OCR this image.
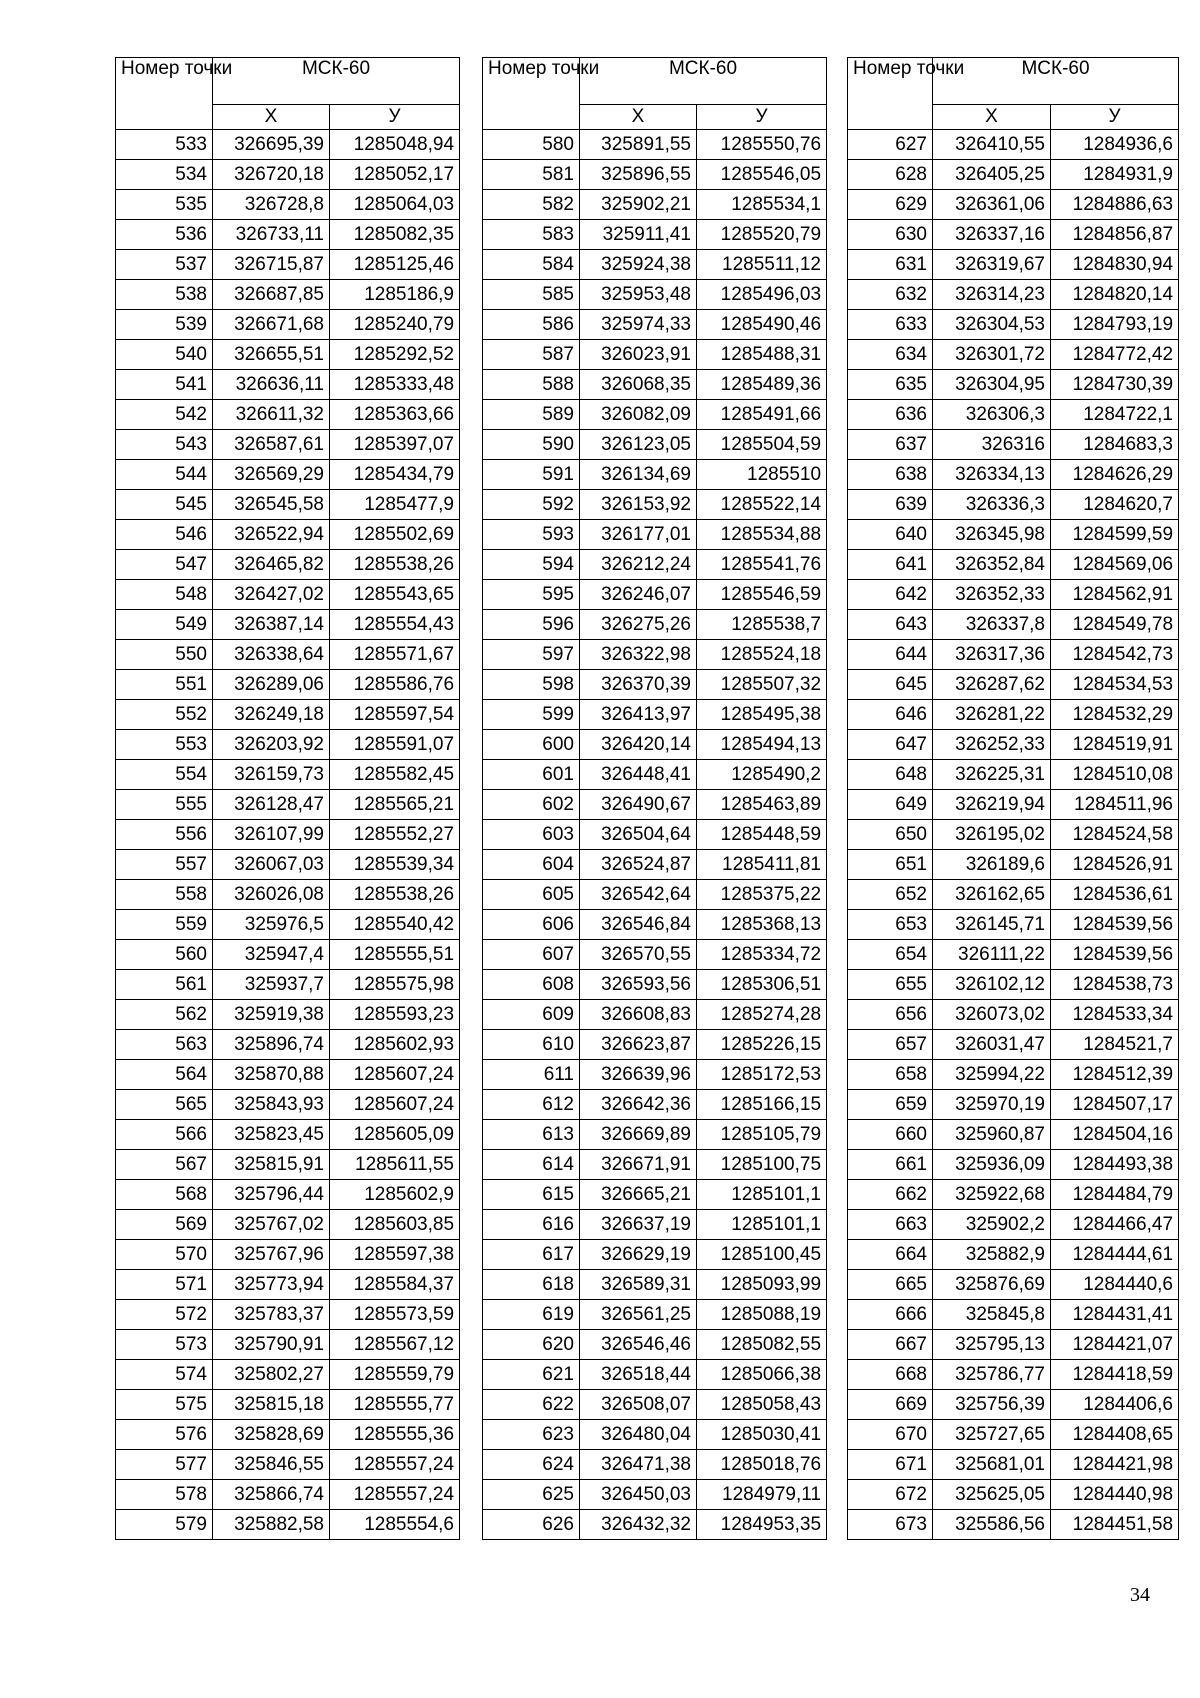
Номер точки	МСК-60	
	X	У
533	326695,39	1285048,94
534	326720,18	1285052,17
535	326728,8	1285064,03
536	326733,11	1285082,35
537	326715,87	1285125,46
538	326687,85	1285186,9
539	326671,68	1285240,79
540	326655,51	1285292,52
541	326636,11	1285333,48
542	326611,32	1285363,66
543	326587,61	1285397,07
544	326569,29	1285434,79
545	326545,58	1285477,9
546	326522,94	1285502,69
547	326465,82	1285538,26
548	326427,02	1285543,65
549	326387,14	1285554,43
550	326338,64	1285571,67
551	326289,06	1285586,76
552	326249,18	1285597,54
553	326203,92	1285591,07
554	326159,73	1285582,45
555	326128,47	1285565,21
556	326107,99	1285552,27
557	326067,03	1285539,34
558	326026,08	1285538,26
559	325976,5	1285540,42
560	325947,4	1285555,51
561	325937,7	1285575,98
562	325919,38	1285593,23
563	325896,74	1285602,93
564	325870,88	1285607,24
565	325843,93	1285607,24
566	325823,45	1285605,09
567	325815,91	1285611,55
568	325796,44	1285602,9
569	325767,02	1285603,85
570	325767,96	1285597,38
571	325773,94	1285584,37
572	325783,37	1285573,59
573	325790,91	1285567,12
574	325802,27	1285559,79
575	325815,18	1285555,77
576	325828,69	1285555,36
577	325846,55	1285557,24
578	325866,74	1285557,24
579	325882,58	1285554,6
Номер точки	МСК-60	
	X	У
580	325891,55	1285550,76
581	325896,55	1285546,05
582	325902,21	1285534,1
583	325911,41	1285520,79
584	325924,38	1285511,12
585	325953,48	1285496,03
586	325974,33	1285490,46
587	326023,91	1285488,31
588	326068,35	1285489,36
589	326082,09	1285491,66
590	326123,05	1285504,59
591	326134,69	1285510
592	326153,92	1285522,14
593	326177,01	1285534,88
594	326212,24	1285541,76
595	326246,07	1285546,59
596	326275,26	1285538,7
597	326322,98	1285524,18
598	326370,39	1285507,32
599	326413,97	1285495,38
600	326420,14	1285494,13
601	326448,41	1285490,2
602	326490,67	1285463,89
603	326504,64	1285448,59
604	326524,87	1285411,81
605	326542,64	1285375,22
606	326546,84	1285368,13
607	326570,55	1285334,72
608	326593,56	1285306,51
609	326608,83	1285274,28
610	326623,87	1285226,15
611	326639,96	1285172,53
612	326642,36	1285166,15
613	326669,89	1285105,79
614	326671,91	1285100,75
615	326665,21	1285101,1
616	326637,19	1285101,1
617	326629,19	1285100,45
618	326589,31	1285093,99
619	326561,25	1285088,19
620	326546,46	1285082,55
621	326518,44	1285066,38
622	326508,07	1285058,43
623	326480,04	1285030,41
624	326471,38	1285018,76
625	326450,03	1284979,11
626	326432,32	1284953,35
Номер точки	МСК-60	
	X	У
627	326410,55	1284936,6
628	326405,25	1284931,9
629	326361,06	1284886,63
630	326337,16	1284856,87
631	326319,67	1284830,94
632	326314,23	1284820,14
633	326304,53	1284793,19
634	326301,72	1284772,42
635	326304,95	1284730,39
636	326306,3	1284722,1
637	326316	1284683,3
638	326334,13	1284626,29
639	326336,3	1284620,7
640	326345,98	1284599,59
641	326352,84	1284569,06
642	326352,33	1284562,91
643	326337,8	1284549,78
644	326317,36	1284542,73
645	326287,62	1284534,53
646	326281,22	1284532,29
647	326252,33	1284519,91
648	326225,31	1284510,08
649	326219,94	1284511,96
650	326195,02	1284524,58
651	326189,6	1284526,91
652	326162,65	1284536,61
653	326145,71	1284539,56
654	326111,22	1284539,56
655	326102,12	1284538,73
656	326073,02	1284533,34
657	326031,47	1284521,7
658	325994,22	1284512,39
659	325970,19	1284507,17
660	325960,87	1284504,16
661	325936,09	1284493,38
662	325922,68	1284484,79
663	325902,2	1284466,47
664	325882,9	1284444,61
665	325876,69	1284440,6
666	325845,8	1284431,41
667	325795,13	1284421,07
668	325786,77	1284418,59
669	325756,39	1284406,6
670	325727,65	1284408,65
671	325681,01	1284421,98
672	325625,05	1284440,98
673	325586,56	1284451,58
34
